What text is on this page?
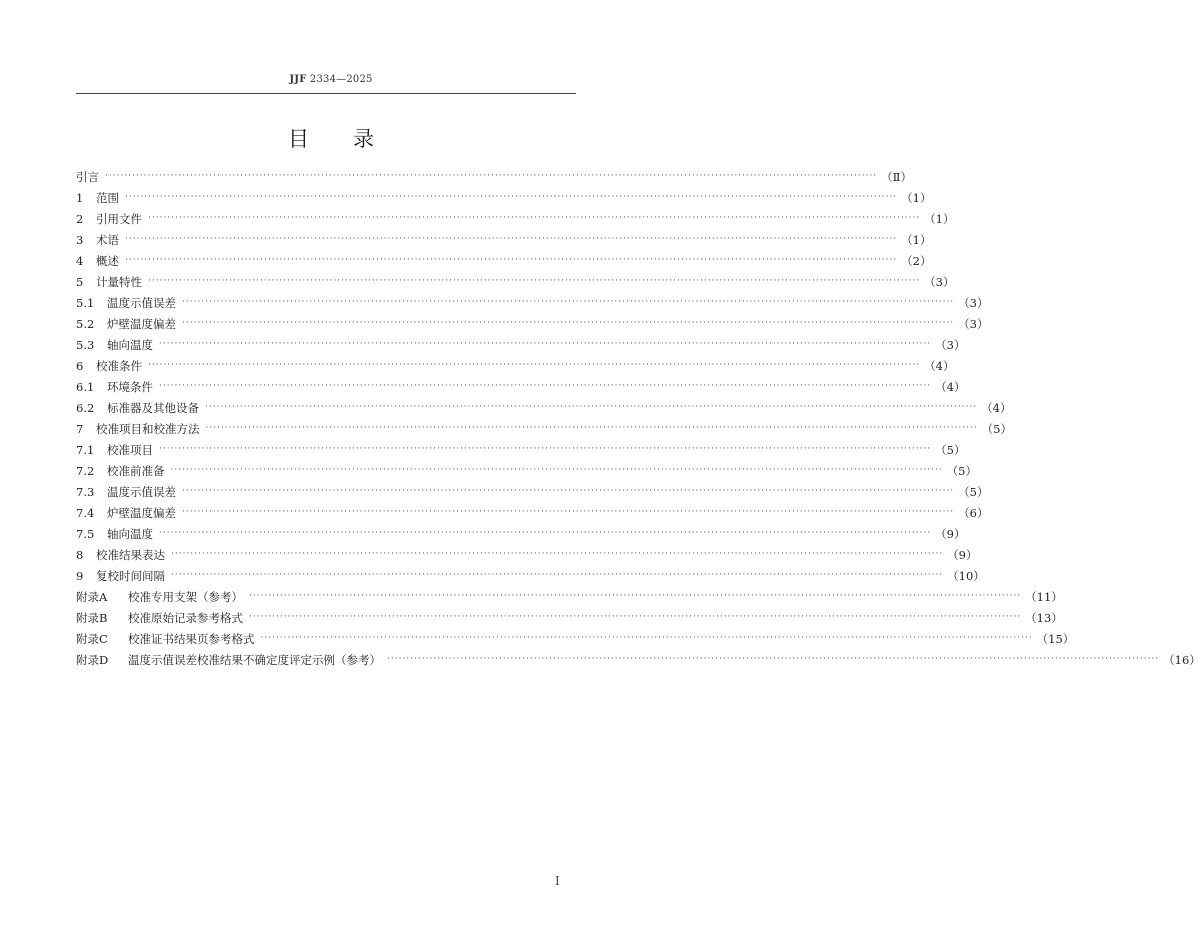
JJF 2334—2025
目录
引言 ········································································································································································································ （Ⅱ）
1	范围 ········································································································································································································ （1）
2	引用文件 ········································································································································································································ （1）
3	术语 ········································································································································································································ （1）
4	概述 ········································································································································································································ （2）
5	计量特性 ········································································································································································································ （3）
5.1	温度示值误差 ········································································································································································································ （3）
5.2	炉壁温度偏差 ········································································································································································································ （3）
5.3	轴向温度 ········································································································································································································ （3）
6	校准条件 ········································································································································································································ （4）
6.1	环境条件 ········································································································································································································ （4）
6.2	标准器及其他设备 ········································································································································································································ （4）
7	校准项目和校准方法 ········································································································································································································ （5）
7.1	校准项目 ········································································································································································································ （5）
7.2	校准前准备 ········································································································································································································ （5）
7.3	温度示值误差 ········································································································································································································ （5）
7.4	炉壁温度偏差 ········································································································································································································ （6）
7.5	轴向温度 ········································································································································································································ （9）
8	校准结果表达 ········································································································································································································ （9）
9	复校时间间隔 ········································································································································································································ （10）
附录A	校准专用支架（参考） ········································································································································································································ （11）
附录B	校准原始记录参考格式 ········································································································································································································ （13）
附录C	校准证书结果页参考格式 ········································································································································································································ （15）
附录D	温度示值误差校准结果不确定度评定示例（参考） ········································································································································································································ （16）
I
